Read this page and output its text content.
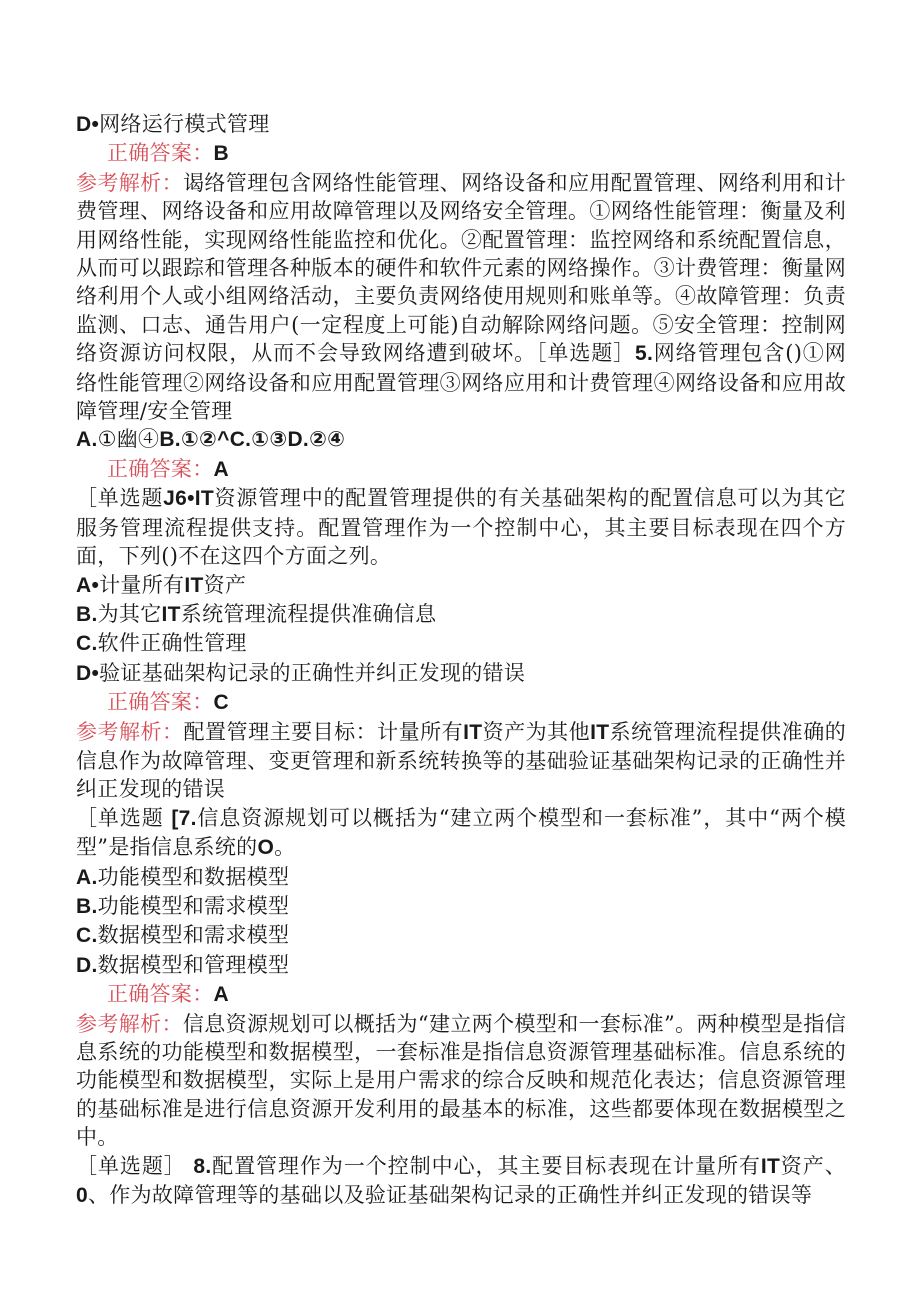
D•网络运行模式管理
正确答案：B
参考解析：谒络管理包含网络性能管理、网络设备和应用配置管理、网络利用和计费管理、网络设备和应用故障管理以及网络安全管理。①网络性能管理：衡量及利用网络性能，实现网络性能监控和优化。②配置管理：监控网络和系统配置信息，从而可以跟踪和管理各种版本的硬件和软件元素的网络操作。③计费管理：衡量网络利用个人或小组网络活动，主要负责网络使用规则和账单等。④故障管理：负责监测、口志、通告用户(一定程度上可能)自动解除网络问题。⑤安全管理：控制网络资源访问权限，从而不会导致网络遭到破坏。［单选题］5.网络管理包含()①网络性能管理②网络设备和应用配置管理③网络应用和计费管理④网络设备和应用故障管理/安全管理
A.①幽④B.①②^C.①③D.②④
正确答案：A
［单选题J6•IT资源管理中的配置管理提供的有关基础架构的配置信息可以为其它服务管理流程提供支持。配置管理作为一个控制中心，其主要目标表现在四个方面，下列()不在这四个方面之列。
A•计量所有IT资产
B.为其它IT系统管理流程提供准确信息
C.软件正确性管理
D•验证基础架构记录的正确性并纠正发现的错误
正确答案：C
参考解析：配置管理主要目标：计量所有IT资产为其他IT系统管理流程提供准确的信息作为故障管理、变更管理和新系统转换等的基础验证基础架构记录的正确性并纠正发现的错误
［单选题 [7.信息资源规划可以概括为“建立两个模型和一套标准”，其中“两个模型”是指信息系统的O。
A.功能模型和数据模型
B.功能模型和需求模型
C.数据模型和需求模型
D.数据模型和管理模型
正确答案：A
参考解析：信息资源规划可以概括为“建立两个模型和一套标准”。两种模型是指信息系统的功能模型和数据模型，一套标准是指信息资源管理基础标准。信息系统的功能模型和数据模型，实际上是用户需求的综合反映和规范化表达；信息资源管理的基础标准是进行信息资源开发利用的最基本的标准，这些都要体现在数据模型之中。
［单选题］ 8.配置管理作为一个控制中心，其主要目标表现在计量所有IT资产、0、作为故障管理等的基础以及验证基础架构记录的正确性并纠正发现的错误等
